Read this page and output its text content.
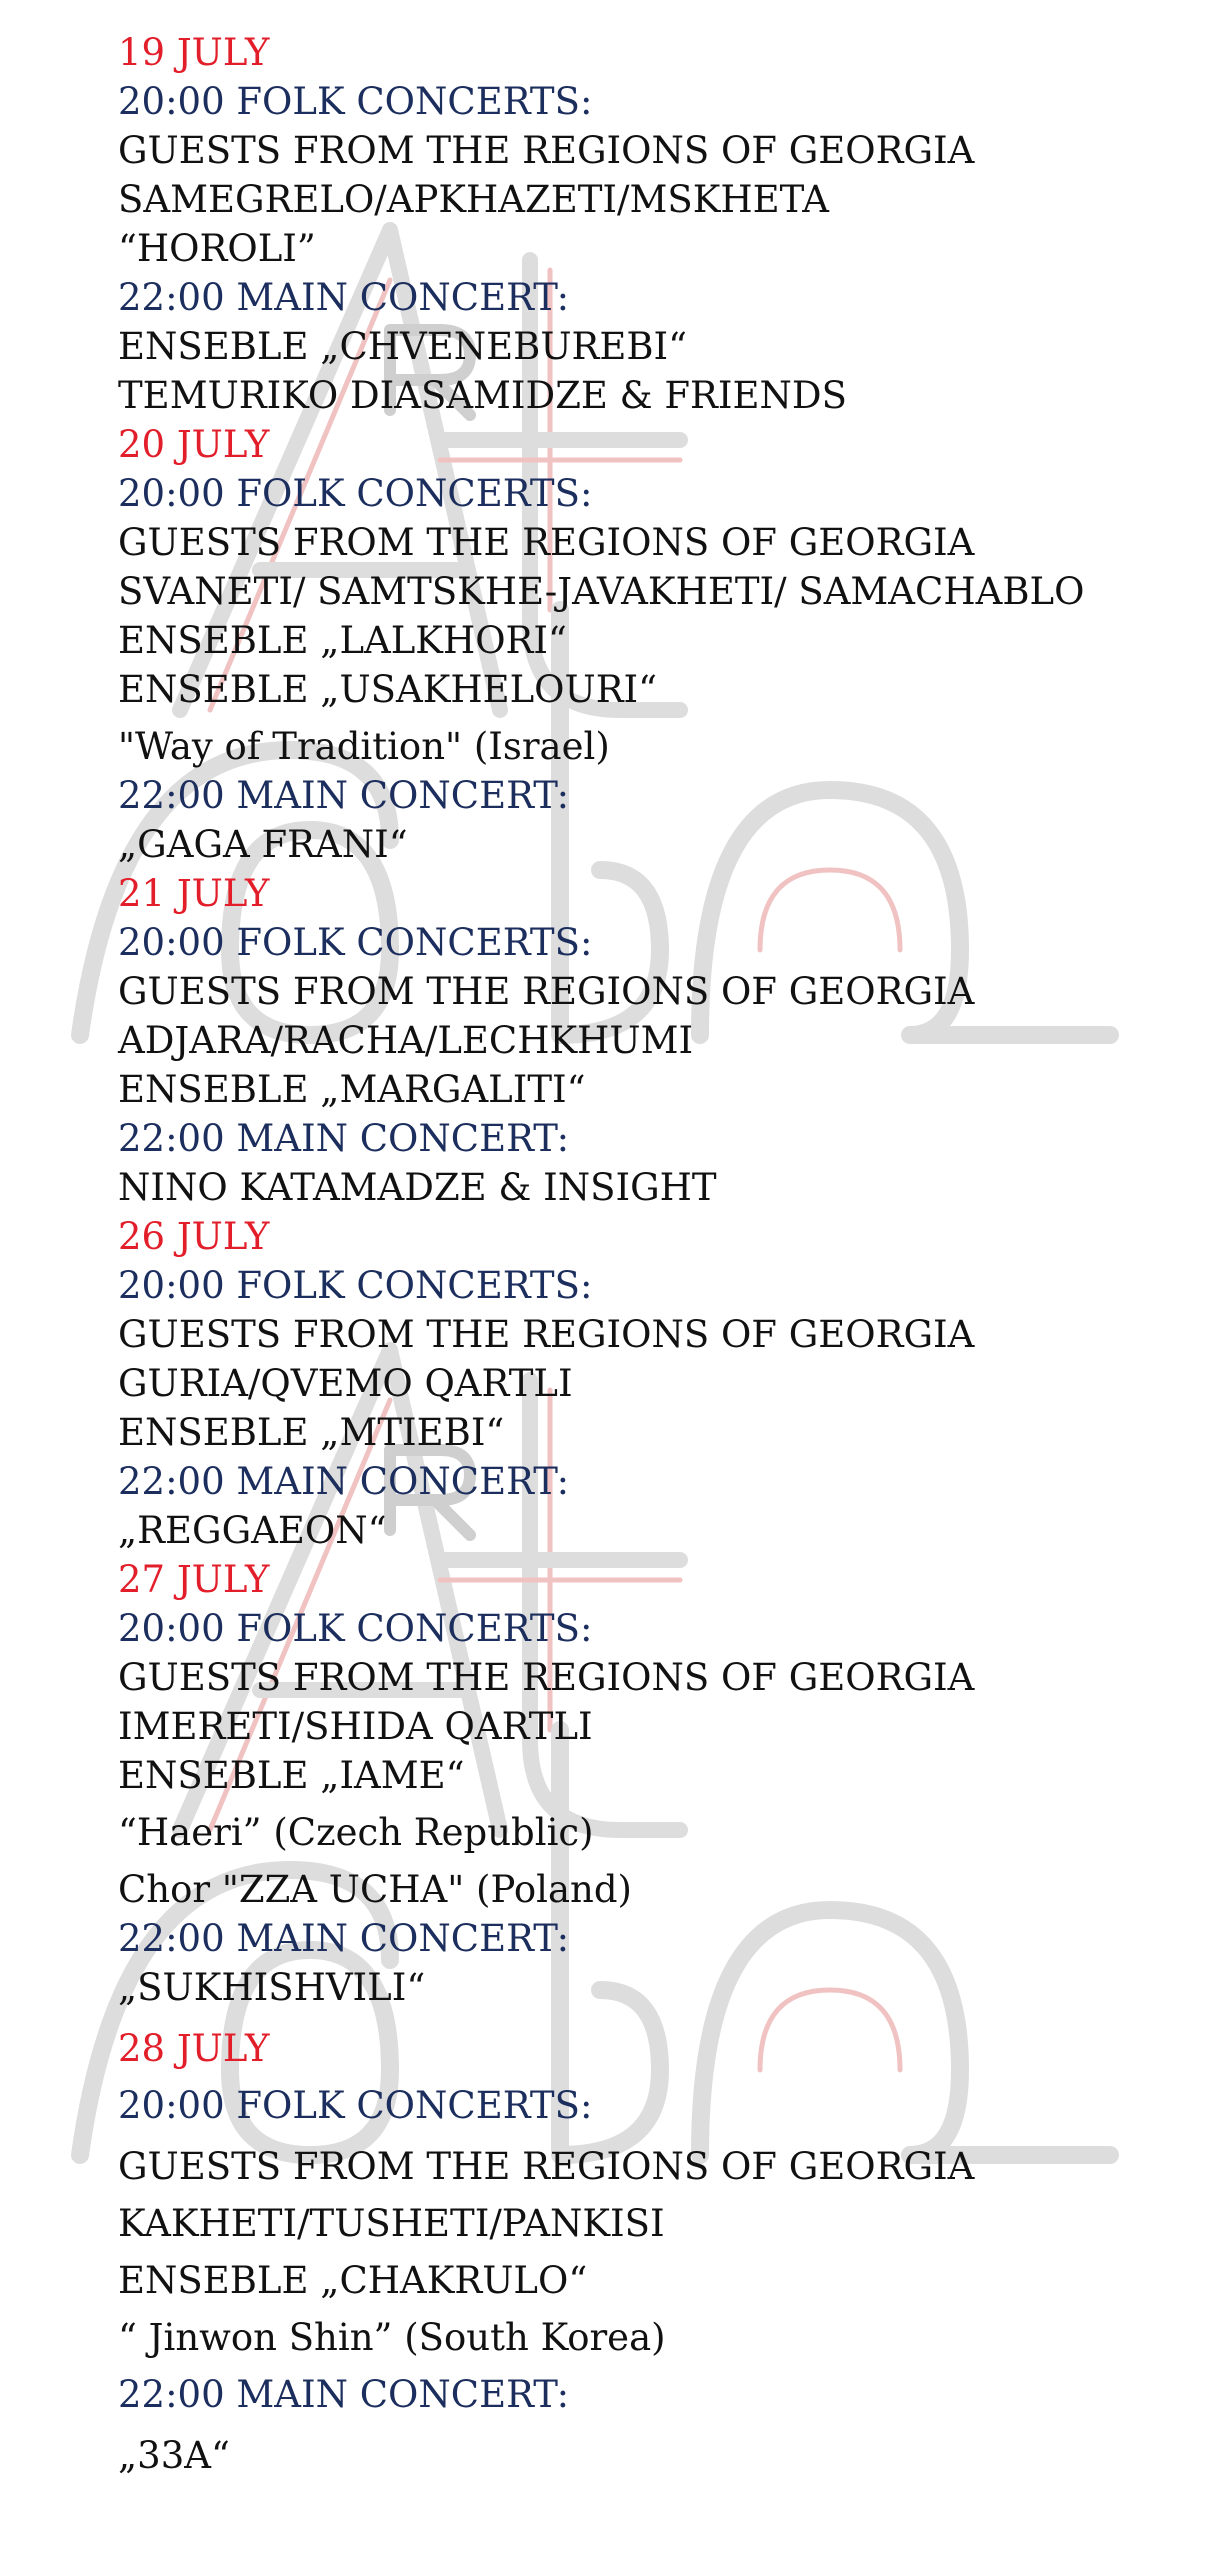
19 JULY
20:00 FOLK CONCERTS:
GUESTS FROM THE REGIONS OF GEORGIA
SAMEGRELO/APKHAZETI/MSKHETA
“HOROLI”
22:00 MAIN CONCERT:
ENSEBLE „CHVENEBUREBI“
TEMURIKO DIASAMIDZE & FRIENDS
20 JULY
20:00 FOLK CONCERTS:
GUESTS FROM THE REGIONS OF GEORGIA
SVANETI/ SAMTSKHE-JAVAKHETI/ SAMACHABLO
ENSEBLE „LALKHORI“
ENSEBLE „USAKHELOURI“
"Way of Tradition" (Israel)
22:00 MAIN CONCERT:
„GAGA FRANI“
21 JULY
20:00 FOLK CONCERTS:
GUESTS FROM THE REGIONS OF GEORGIA
ADJARA/RACHA/LECHKHUMI
ENSEBLE „MARGALITI“
22:00 MAIN CONCERT:
NINO KATAMADZE & INSIGHT
26 JULY
20:00 FOLK CONCERTS:
GUESTS FROM THE REGIONS OF GEORGIA
GURIA/QVEMO QARTLI
ENSEBLE „MTIEBI“
22:00 MAIN CONCERT:
„REGGAEON“
27 JULY
20:00 FOLK CONCERTS:
GUESTS FROM THE REGIONS OF GEORGIA
IMERETI/SHIDA QARTLI
ENSEBLE „IAME“
“Haeri” (Czech Republic)
Chor "ZZA UCHA" (Poland)
22:00 MAIN CONCERT:
„SUKHISHVILI“
28 JULY
20:00 FOLK CONCERTS:
GUESTS FROM THE REGIONS OF GEORGIA
KAKHETI/TUSHETI/PANKISI
ENSEBLE „CHAKRULO“
“ Jinwon Shin” (South Korea)
22:00 MAIN CONCERT:
„33A“
